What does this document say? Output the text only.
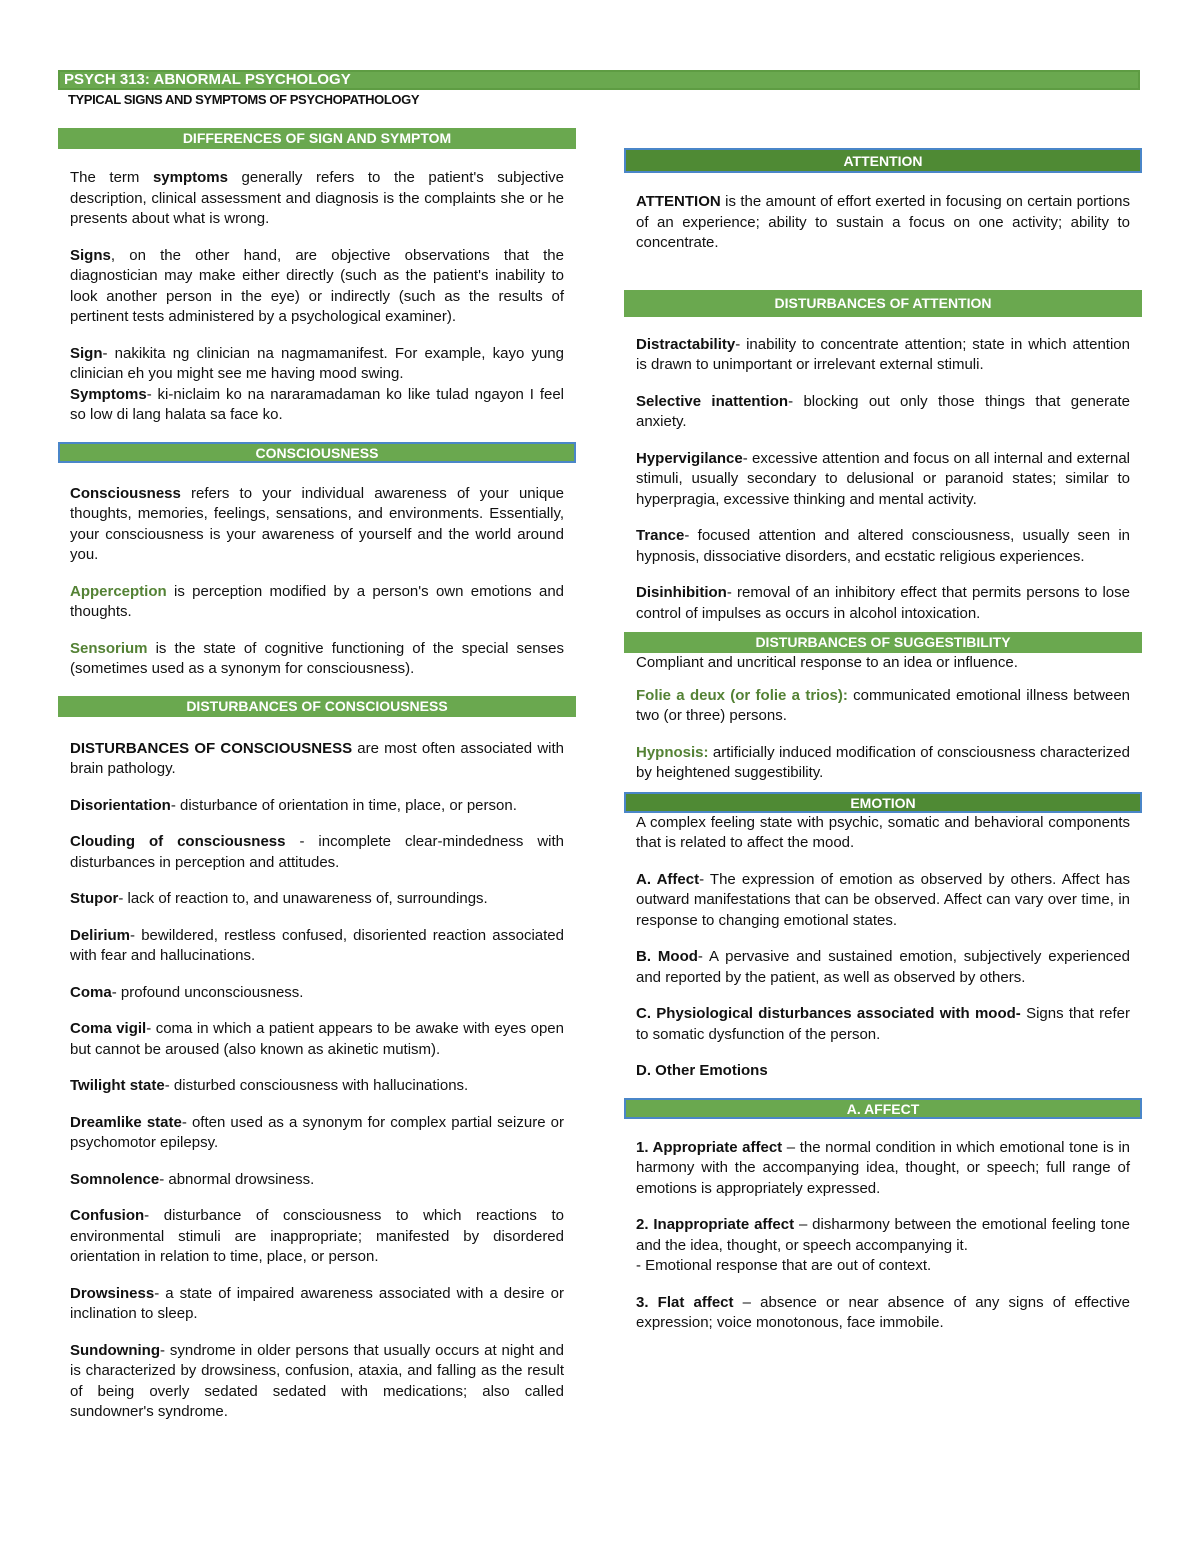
PSYCH 313: ABNORMAL PSYCHOLOGY
TYPICAL SIGNS AND SYMPTOMS OF PSYCHOPATHOLOGY
DIFFERENCES OF SIGN AND SYMPTOM

The term symptoms generally refers to the patient's subjective description, clinical assessment and diagnosis is the complaints she or he presents about what is wrong.

Signs, on the other hand, are objective observations that the diagnostician may make either directly (such as the patient's inability to look another person in the eye) or indirectly (such as the results of pertinent tests administered by a psychological examiner).

Sign- nakikita ng clinician na nagmamanifest. For example, kayo yung clinician eh you might see me having mood swing.

Symptoms- ki-niclaim ko na nararamadaman ko like tulad ngayon I feel so low di lang halata sa face ko.

CONSCIOUSNESS

Consciousness refers to your individual awareness of your unique thoughts, memories, feelings, sensations, and environments. Essentially, your consciousness is your awareness of yourself and the world around you.

Apperception is perception modified by a person's own emotions and thoughts.

Sensorium is the state of cognitive functioning of the special senses (sometimes used as a synonym for consciousness).

DISTURBANCES OF CONSCIOUSNESS

DISTURBANCES OF CONSCIOUSNESS are most often associated with brain pathology.

Disorientation- disturbance of orientation in time, place, or person.

Clouding of consciousness - incomplete clear-mindedness with disturbances in perception and attitudes.

Stupor- lack of reaction to, and unawareness of, surroundings.

Delirium- bewildered, restless confused, disoriented reaction associated with fear and hallucinations.

Coma- profound unconsciousness.

Coma vigil- coma in which a patient appears to be awake with eyes open but cannot be aroused (also known as akinetic mutism).

Twilight state- disturbed consciousness with hallucinations.

Dreamlike state- often used as a synonym for complex partial seizure or psychomotor epilepsy.

Somnolence- abnormal drowsiness.

Confusion- disturbance of consciousness to which reactions to environmental stimuli are inappropriate; manifested by disordered orientation in relation to time, place, or person.

Drowsiness- a state of impaired awareness associated with a desire or inclination to sleep.

Sundowning- syndrome in older persons that usually occurs at night and is characterized by drowsiness, confusion, ataxia, and falling as the result of being overly sedated sedated with medications; also called sundowner's syndrome.

ATTENTION

ATTENTION is the amount of effort exerted in focusing on certain portions of an experience; ability to sustain a focus on one activity; ability to concentrate.

DISTURBANCES OF ATTENTION

Distractability- inability to concentrate attention; state in which attention is drawn to unimportant or irrelevant external stimuli.

Selective inattention- blocking out only those things that generate anxiety.

Hypervigilance- excessive attention and focus on all internal and external stimuli, usually secondary to delusional or paranoid states; similar to hyperpragia, excessive thinking and mental activity.

Trance- focused attention and altered consciousness, usually seen in hypnosis, dissociative disorders, and ecstatic religious experiences.

Disinhibition- removal of an inhibitory effect that permits persons to lose control of impulses as occurs in alcohol intoxication.

DISTURBANCES OF SUGGESTIBILITY

Compliant and uncritical response to an idea or influence.

Folie a deux (or folie a trios): communicated emotional illness between two (or three) persons.

Hypnosis: artificially induced modification of consciousness characterized by heightened suggestibility.

EMOTION

A complex feeling state with psychic, somatic and behavioral components that is related to affect the mood.

A. Affect- The expression of emotion as observed by others. Affect has outward manifestations that can be observed. Affect can vary over time, in response to changing emotional states.

B. Mood- A pervasive and sustained emotion, subjectively experienced and reported by the patient, as well as observed by others.

C. Physiological disturbances associated with mood- Signs that refer to somatic dysfunction of the person.

D. Other Emotions

A. AFFECT

1. Appropriate affect – the normal condition in which emotional tone is in harmony with the accompanying idea, thought, or speech; full range of emotions is appropriately expressed.

2. Inappropriate affect – disharmony between the emotional feeling tone and the idea, thought, or speech accompanying it.

- Emotional response that are out of context.

3. Flat affect – absence or near absence of any signs of effective expression; voice monotonous, face immobile.
